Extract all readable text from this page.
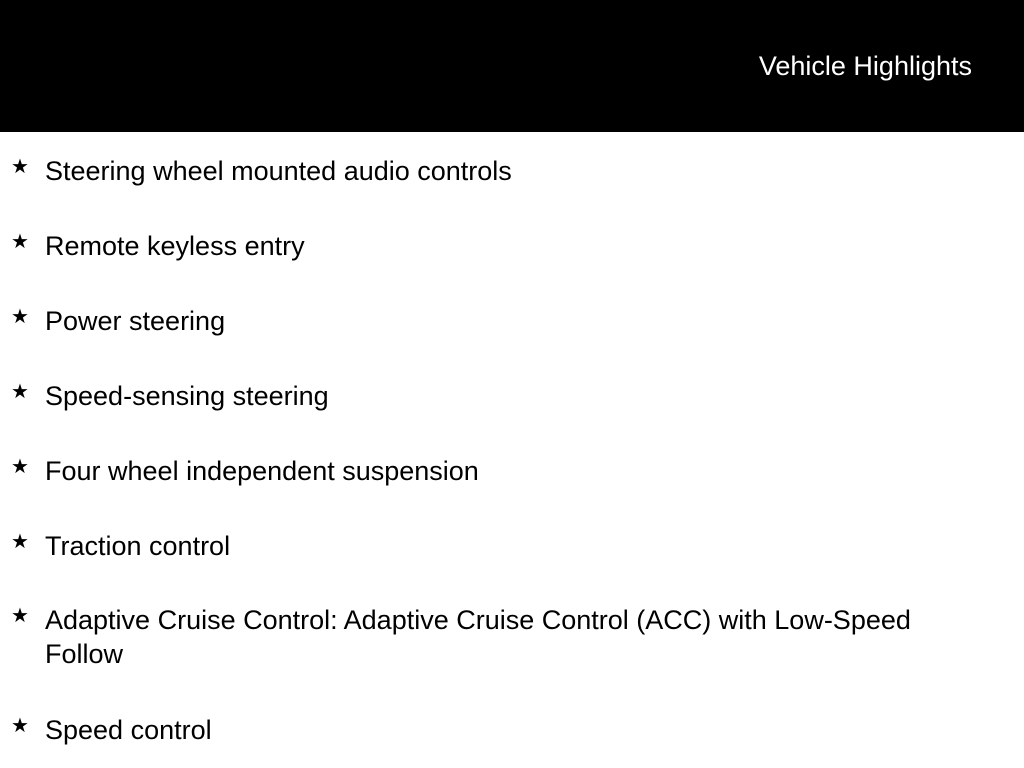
Vehicle Highlights
★ Steering wheel mounted audio controls
★ Remote keyless entry
★ Power steering
★ Speed-sensing steering
★ Four wheel independent suspension
★ Traction control
★ Adaptive Cruise Control: Adaptive Cruise Control (ACC) with Low-Speed Follow
★ Speed control
